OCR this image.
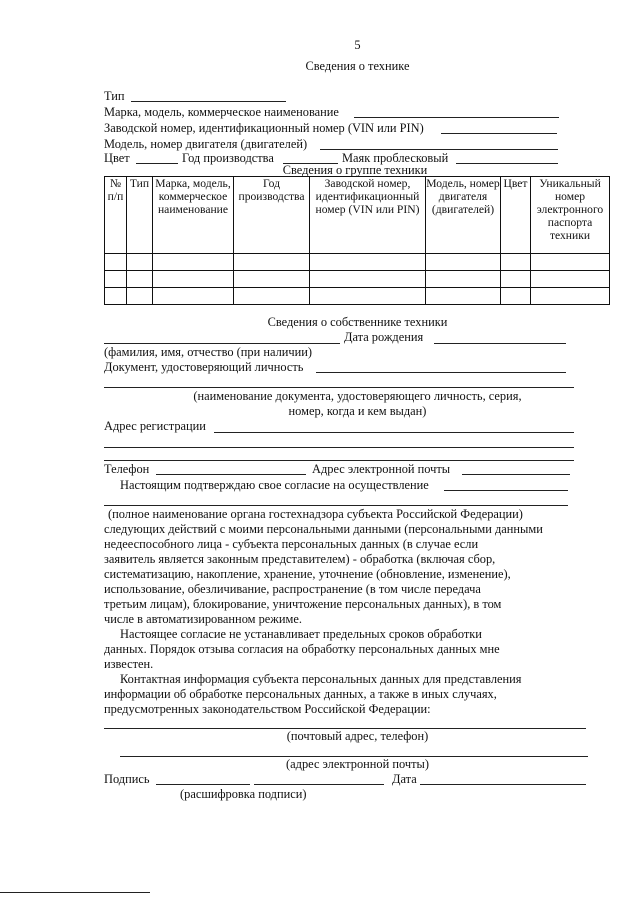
5
Сведения о технике
Тип
Марка, модель, коммерческое наименование
Заводской номер, идентификационный номер (VIN или PIN)
Модель, номер двигателя (двигателей)
Цвет	Год производства	Маяк проблесковый
Сведения о группе техники
№ п/п	Тип	Марка, модель, коммерческое наименование	Год производства	Заводской номер, идентификационный номер (VIN или PIN)	Модель, номер двигателя (двигателей)	Цвет	Уникальный номер электронного паспорта техники

Сведения о собственнике техники
Дата рождения
(фамилия, имя, отчество (при наличии)
Документ, удостоверяющий личность
(наименование документа, удостоверяющего личность, серия,
номер, когда и кем выдан)
Адрес регистрации
Телефон	Адрес электронной почты
Настоящим подтверждаю свое согласие на осуществление
(полное наименование органа гостехнадзора субъекта Российской Федерации)
следующих действий с моими персональными данными (персональными данными
недееспособного лица - субъекта персональных данных (в случае если
заявитель является законным представителем) - обработка (включая сбор,
систематизацию, накопление, хранение, уточнение (обновление, изменение),
использование, обезличивание, распространение (в том числе передача
третьим лицам), блокирование, уничтожение персональных данных), в том
числе в автоматизированном режиме.
Настоящее согласие не устанавливает предельных сроков обработки
данных. Порядок отзыва согласия на обработку персональных данных мне
известен.
Контактная информация субъекта персональных данных для представления
информации об обработке персональных данных, а также в иных случаях,
предусмотренных законодательством Российской Федерации:
(почтовый адрес, телефон)
(адрес электронной почты)
Подпись	Дата
(расшифровка подписи)
